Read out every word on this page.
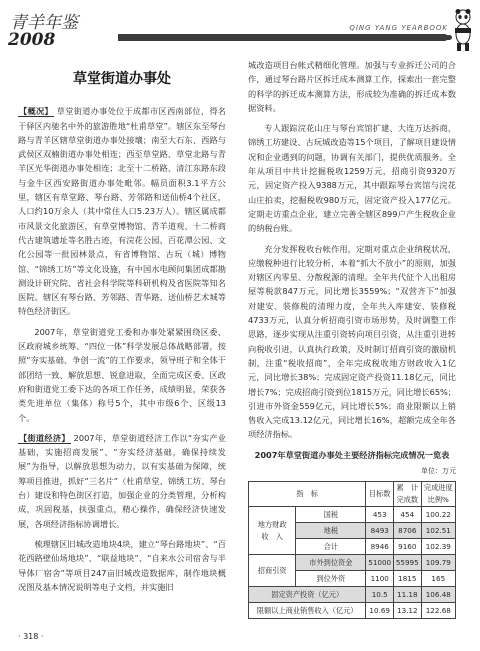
青羊年鉴
2008
QING YANG YEARBOOK
草堂街道办事处

【概况】 草堂街道办事处位于成都市区西南部位，得名于驿区内驰名中外的旅游胜地“杜甫草堂”。辖区东至琴台路与青羊区辖草堂街道办事处接壤；南至大石东、西路与武侯区双楠街道办事处相连；西至草堂路、草堂北路与青羊区光华街道办事处相连；北至十二桥路、清江东路东段与金牛区西安路街道办事处毗邻。幅员面积3.1平方公里，辖区有草堂路、琴台路、芳邻路和送仙桥4个社区，人口约10万余人（其中常住人口5.23万人）。辖区属成都市风景文化旅游区，有草堂博物馆、青羊道观、十二桥商代古建筑遗址等名胜古迹，有浣花公园、百花潭公园、文化公园等一批园林景点，有省博物馆、古玩（城）博物馆、“锦绣工坊”等文化设施，有中国水电顾问集团成都勘测设计研究院、省社会科学院等科研机构及省医院等知名医院。辖区有琴台路、芳邻路、青华路、送仙桥艺术城等特色经济街区。

2007年，草堂街道党工委和办事处紧紧围绕区委、区政府城乡统筹、“四位一体”科学发展总体战略部署，按照“夯实基础、争创一流”的工作要求，领导班子和全体干部团结一致、解放思想、锐意进取，全面完成区委、区政府和街道党工委下达的各项工作任务，成绩明显，荣获各类先进单位（集体）称号5个，其中市级6个、区级13个。

【街道经济】 2007年，草堂街道经济工作以“夯实产业基础，实施招商发展”、“夯实经济基础，确保持续发展”为指导，以解放思想为动力，以有实基础为保障，统筹项目推进，抓好“三名片”（杜甫草堂、锦绣工坊、琴台台）建设和特色街区打造，加强企业的分类管理，分析构成，巩固税基，扶强重点，精心操作，确保经济快速发展，各项经济指标协调增长。

梳理辖区旧城改造地块4块，建立“琴台路地块”、“百花西路壁仙场地块”、“联益地块”、“自来水公司宿舍与半导体厂宿舍”等项目247亩旧城改造数据库，制作地块概况图及基本情况说明等电子文档，并实施旧

城改造项目台帐式精细化管理。加强与专业拆迁公司的合作，通过琴台路片区拆迁成本测算工作，探索出一套完整的科学的拆迁成本测算方法，形成较为准确的拆迁成本数据资料。

专人跟踪浣花山庄与琴台宾馆扩建、大连万达拆商、锦绣工坊建设、古玩城改造等15个项目，了解项目建设情况和企业遇到的问题，协调有关部门，提供优质服务。全年从项目中共计挖掘税收1259万元，招商引资9320万元，固定资产投入9388万元，其中跟踪琴台宾馆与浣花山庄拍卖，挖掘税收980万元，固定资产投入177亿元。定期走访重点企业，建立完善全辖区899户产生税收企业的纳税台账。

充分发挥税收台帐作用，定期对重点企业纳税状况，应缴税种进行比较分析，本着“抓大不放小”的原则，加强对辖区内零星、分散税源的清理。全年共代征个人出租房屋等税款847万元，同比增长3559%；“双营齐下”加强对建安、装修税的清理力度，全年共入库建安、装修税4733万元，认真分析招商引资市场形势，及时调整工作思路，逐步实现从注重引资转向项目引资，从注重引进转向税收引进，认真执行政策，及时制订招商引资的激励机制，注重“税收招商”，全年完成税收地方财政收入1亿元，同比增长38%；完成固定资产投资11.18亿元，同比增长7%；完成招商引资到位1815万元，同比增长65%；引进市外资金559亿元，同比增长5%；商业限额以上销售收入完成13.12亿元，同比增长16%，超额完成全年各项经济指标。

2007年草堂街道办事处主要经济指标完成情况一览表
单位：万元
指　标		目标数	累　计
完成数	完成进度
比例%
地方财政
收　入	国税	453	454	100.22
	地税	8493	8706	102.51
	合计	8946	9160	102.39
招商引资	市外到位资金	51000	55995	109.79
	到位外资	1100	1815	165
固定资产投资（亿元）		10.5	11.18	106.48
限额以上商业销售收入（亿元）		10.69	13.12	122.68
· 318 ·
